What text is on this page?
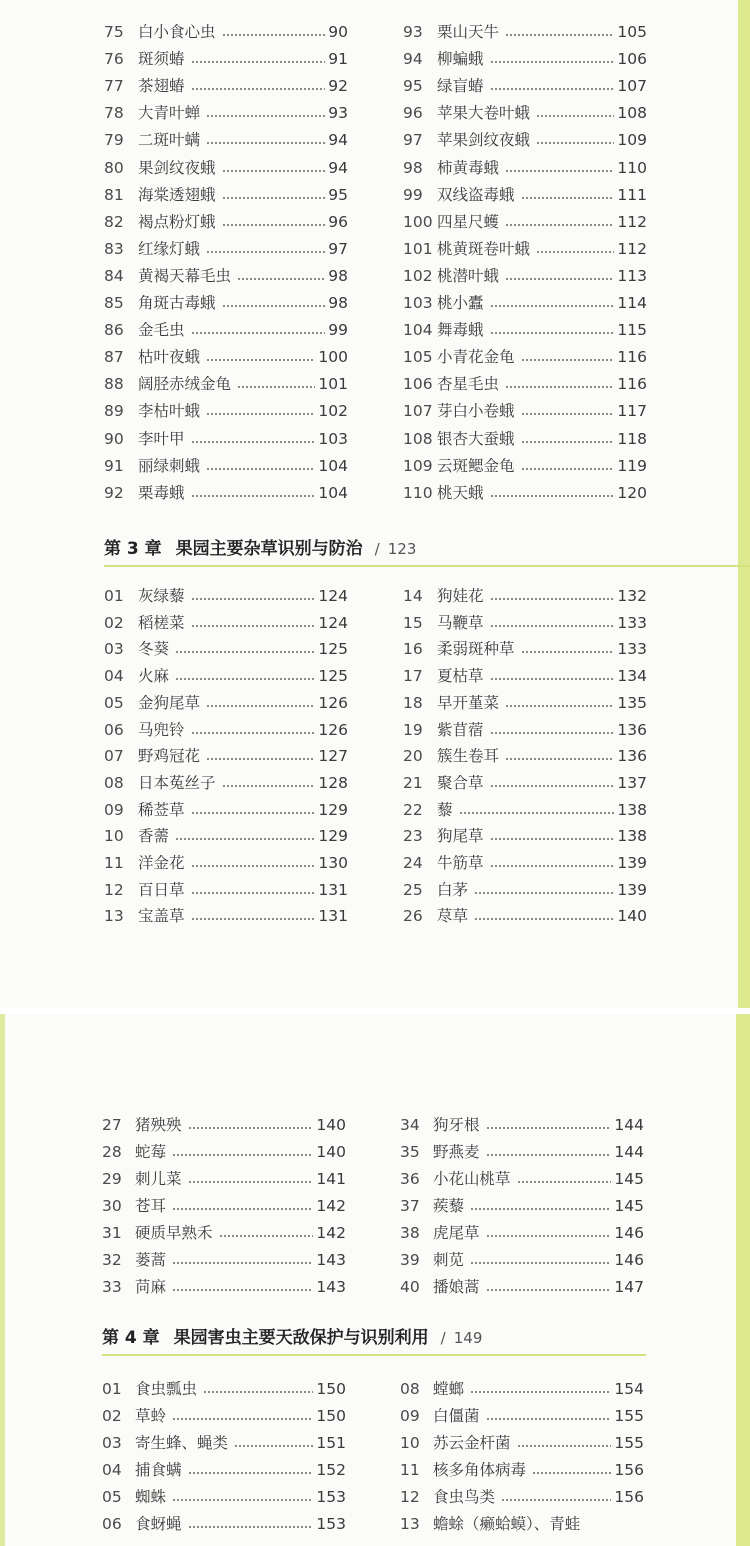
75 白小食心虫	90
76 斑须蝽	91
77 茶翅蝽	92
78 大青叶蝉	93
79 二斑叶螨	94
80 果剑纹夜蛾	94
81 海棠透翅蛾	95
82 褐点粉灯蛾	96
83 红缘灯蛾	97
84 黄褐天幕毛虫	98
85 角斑古毒蛾	98
86 金毛虫	99
87 枯叶夜蛾	100
88 阔胫赤绒金龟	101
89 李枯叶蛾	102
90 李叶甲	103
91 丽绿刺蛾	104
92 栗毒蛾	104
93 栗山天牛	105
94 柳蝙蛾	106
95 绿盲蝽	107
96 苹果大卷叶蛾	108
97 苹果剑纹夜蛾	109
98 柿黄毒蛾	110
99 双线盗毒蛾	111
100 四星尺蠖	112
101 桃黄斑卷叶蛾	112
102 桃潜叶蛾	113
103 桃小蠹	114
104 舞毒蛾	115
105 小青花金龟	116
106 杏星毛虫	116
107 芽白小卷蛾	117
108 银杏大蚕蛾	118
109 云斑鳃金龟	119
110 桃天蛾	120
第 3 章 果园主要杂草识别与防治 / 123
01 灰绿藜	124
02 稻槎菜	124
03 冬葵	125
04 火麻	125
05 金狗尾草	126
06 马兜铃	126
07 野鸡冠花	127
08 日本菟丝子	128
09 稀莶草	129
10 香薷	129
11 洋金花	130
12 百日草	131
13 宝盖草	131
14 狗娃花	132
15 马鞭草	133
16 柔弱斑种草	133
17 夏枯草	134
18 早开堇菜	135
19 紫苜蓿	136
20 簇生卷耳	136
21 聚合草	137
22 藜	138
23 狗尾草	138
24 牛筋草	139
25 白茅	139
26 荩草	140
27 猪殃殃	140
28 蛇莓	140
29 刺儿菜	141
30 苍耳	142
31 硬质早熟禾	142
32 蒌蒿	143
33 苘麻	143
34 狗牙根	144
35 野燕麦	144
36 小花山桃草	145
37 蒺藜	145
38 虎尾草	146
39 刺苋	146
40 播娘蒿	147
第 4 章 果园害虫主要天敌保护与识别利用 / 149
01 食虫瓢虫	150
02 草蛉	150
03 寄生蜂、蝇类	151
04 捕食螨	152
05 蜘蛛	153
06 食蚜蝇	153
08 螳螂	154
09 白僵菌	155
10 苏云金杆菌	155
11 核多角体病毒	156
12 食虫鸟类	156
13 蟾蜍（癞蛤蟆）、青蛙
